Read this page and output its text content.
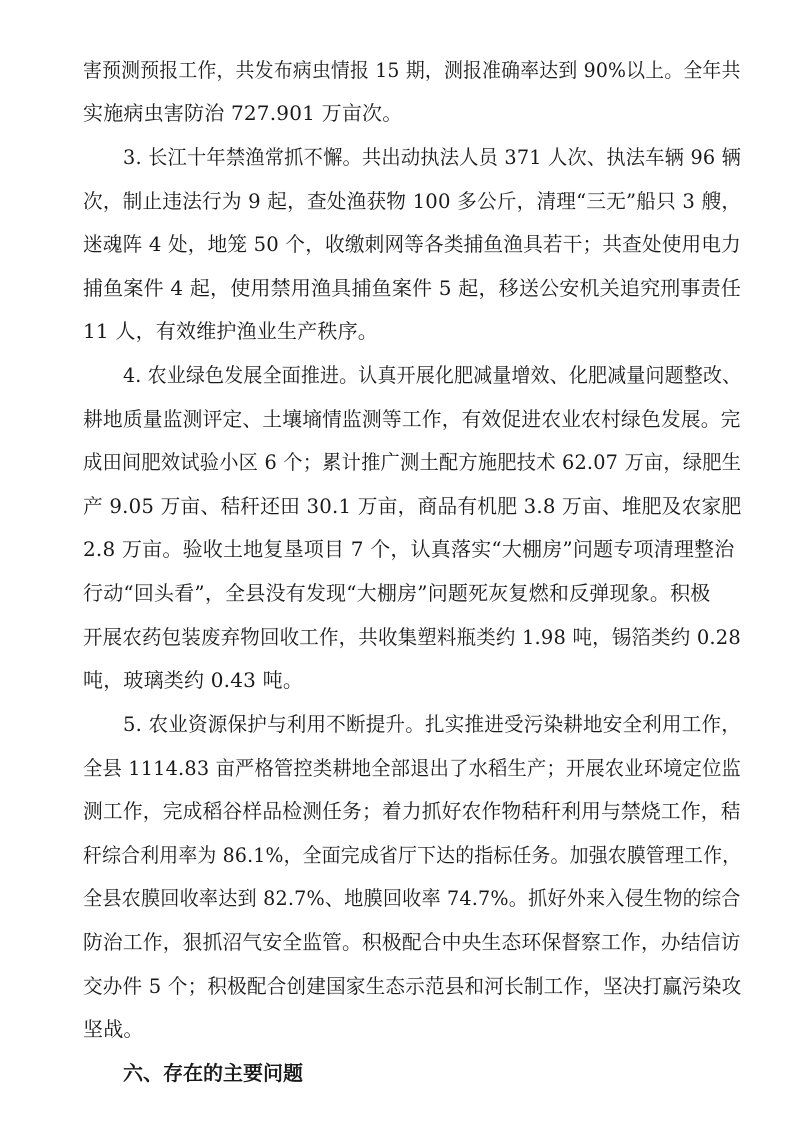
害预测预报工作，共发布病虫情报 15 期，测报准确率达到 90%以上。全年共

实施病虫害防治 727.901 万亩次。

3. 长江十年禁渔常抓不懈。共出动执法人员 371 人次、执法车辆 96 辆

次，制止违法行为 9 起，查处渔获物 100 多公斤，清理“三无”船只 3 艘，

迷魂阵 4 处，地笼 50 个，收缴刺网等各类捕鱼渔具若干；共查处使用电力

捕鱼案件 4 起，使用禁用渔具捕鱼案件 5 起，移送公安机关追究刑事责任

11 人，有效维护渔业生产秩序。

4. 农业绿色发展全面推进。认真开展化肥减量增效、化肥减量问题整改、

耕地质量监测评定、土壤墒情监测等工作，有效促进农业农村绿色发展。完

成田间肥效试验小区 6 个；累计推广测土配方施肥技术 62.07 万亩，绿肥生

产 9.05 万亩、秸秆还田 30.1 万亩，商品有机肥 3.8 万亩、堆肥及农家肥

2.8 万亩。验收土地复垦项目 7 个，认真落实“大棚房”问题专项清理整治

行动“回头看”，全县没有发现“大棚房”问题死灰复燃和反弹现象。积极

开展农药包装废弃物回收工作，共收集塑料瓶类约 1.98 吨，锡箔类约 0.28

吨，玻璃类约 0.43 吨。

5. 农业资源保护与利用不断提升。扎实推进受污染耕地安全利用工作，

全县 1114.83 亩严格管控类耕地全部退出了水稻生产；开展农业环境定位监

测工作，完成稻谷样品检测任务；着力抓好农作物秸秆利用与禁烧工作，秸

秆综合利用率为 86.1%，全面完成省厅下达的指标任务。加强农膜管理工作，

全县农膜回收率达到 82.7%、地膜回收率 74.7%。抓好外来入侵生物的综合

防治工作，狠抓沼气安全监管。积极配合中央生态环保督察工作，办结信访

交办件 5 个；积极配合创建国家生态示范县和河长制工作，坚决打赢污染攻

坚战。

六、存在的主要问题
